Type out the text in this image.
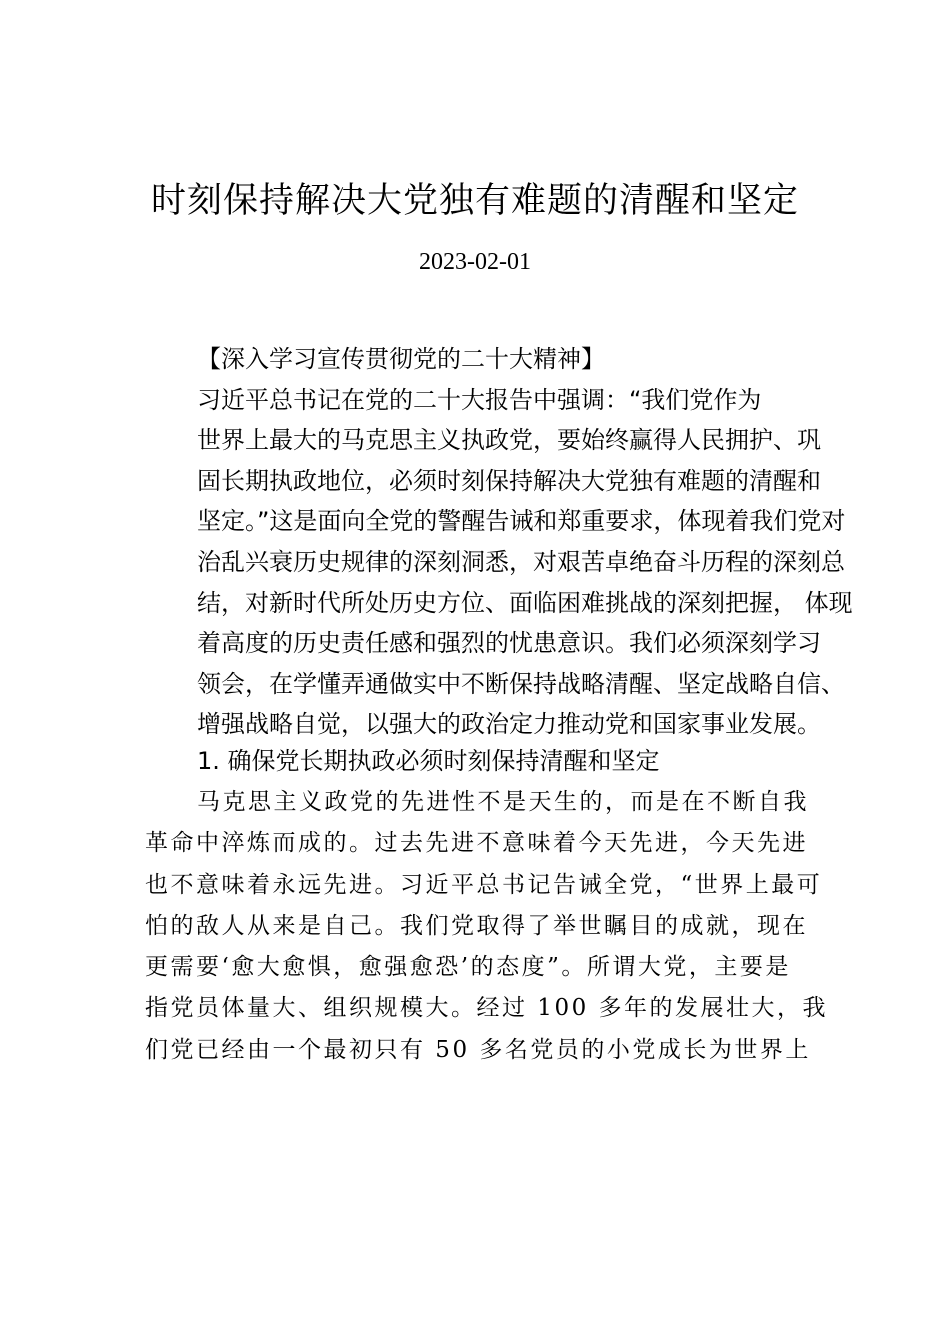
时刻保持解决大党独有难题的清醒和坚定
2023-02-01
【深入学习宣传贯彻党的二十大精神】
习近平总书记在党的二十大报告中强调：“我们党作为
世界上最大的马克思主义执政党，要始终赢得人民拥护、巩
固长期执政地位，必须时刻保持解决大党独有难题的清醒和
坚定。”这是面向全党的警醒告诫和郑重要求，体现着我们党对
治乱兴衰历史规律的深刻洞悉，对艰苦卓绝奋斗历程的深刻总
结，对新时代所处历史方位、面临困难挑战的深刻把握， 体现
着高度的历史责任感和强烈的忧患意识。我们必须深刻学习
领会，在学懂弄通做实中不断保持战略清醒、坚定战略自信、
增强战略自觉，以强大的政治定力推动党和国家事业发展。
1. 确保党长期执政必须时刻保持清醒和坚定
马克思主义政党的先进性不是天生的，而是在不断自我
革命中淬炼而成的。过去先进不意味着今天先进，今天先进
也不意味着永远先进。习近平总书记告诫全党，“世界上最可
怕的敌人从来是自己。我们党取得了举世瞩目的成就，现在
更需要‘愈大愈惧，愈强愈恐’的态度”。所谓大党，主要是
指党员体量大、组织规模大。经过 100 多年的发展壮大，我
们党已经由一个最初只有 50 多名党员的小党成长为世界上
